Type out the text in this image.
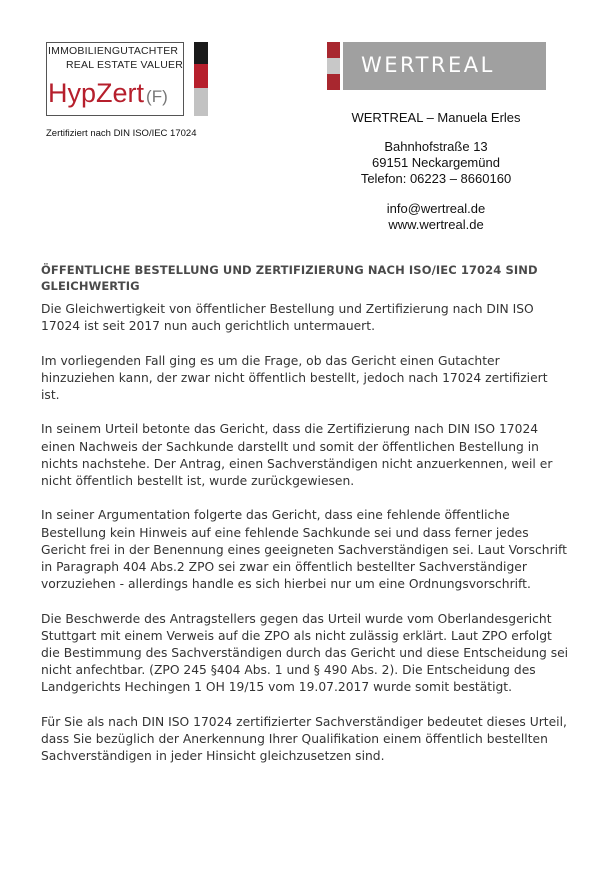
IMMOBILIENGUTACHTER
REAL ESTATE VALUER
HypZert (F)
Zertifiziert nach DIN ISO/IEC 17024
WERTREAL
WERTREAL – Manuela Erles
Bahnhofstraße 13
69151 Neckargemünd
Telefon: 06223 – 8660160
info@wertreal.de
www.wertreal.de
ÖFFENTLICHE BESTELLUNG UND ZERTIFIZIERUNG NACH ISO/IEC 17024 SIND GLEICHWERTIG

Die Gleichwertigkeit von öffentlicher Bestellung und Zertifizierung nach DIN ISO 17024 ist seit 2017 nun auch gerichtlich untermauert.

Im vorliegenden Fall ging es um die Frage, ob das Gericht einen Gutachter hinzuziehen kann, der zwar nicht öffentlich bestellt, jedoch nach 17024 zertifiziert ist.

In seinem Urteil betonte das Gericht, dass die Zertifizierung nach DIN ISO 17024 einen Nachweis der Sachkunde darstellt und somit der öffentlichen Bestellung in nichts nachstehe. Der Antrag, einen Sachverständigen nicht anzuerkennen, weil er nicht öffentlich bestellt ist, wurde zurückgewiesen.

In seiner Argumentation folgerte das Gericht, dass eine fehlende öffentliche Bestellung kein Hinweis auf eine fehlende Sachkunde sei und dass ferner jedes Gericht frei in der Benennung eines geeigneten Sachverständigen sei. Laut Vorschrift in Paragraph 404 Abs.2 ZPO sei zwar ein öffentlich bestellter Sachverständiger vorzuziehen - allerdings handle es sich hierbei nur um eine Ordnungsvorschrift.

Die Beschwerde des Antragstellers gegen das Urteil wurde vom Oberlandesgericht Stuttgart mit einem Verweis auf die ZPO als nicht zulässig erklärt. Laut ZPO erfolgt die Bestimmung des Sachverständigen durch das Gericht und diese Entscheidung sei nicht anfechtbar. (ZPO 245 §404 Abs. 1 und § 490 Abs. 2). Die Entscheidung des Landgerichts Hechingen 1 OH 19/15 vom 19.07.2017 wurde somit bestätigt.

Für Sie als nach DIN ISO 17024 zertifizierter Sachverständiger bedeutet dieses Urteil, dass Sie bezüglich der Anerkennung Ihrer Qualifikation einem öffentlich bestellten Sachverständigen in jeder Hinsicht gleichzusetzen sind.
